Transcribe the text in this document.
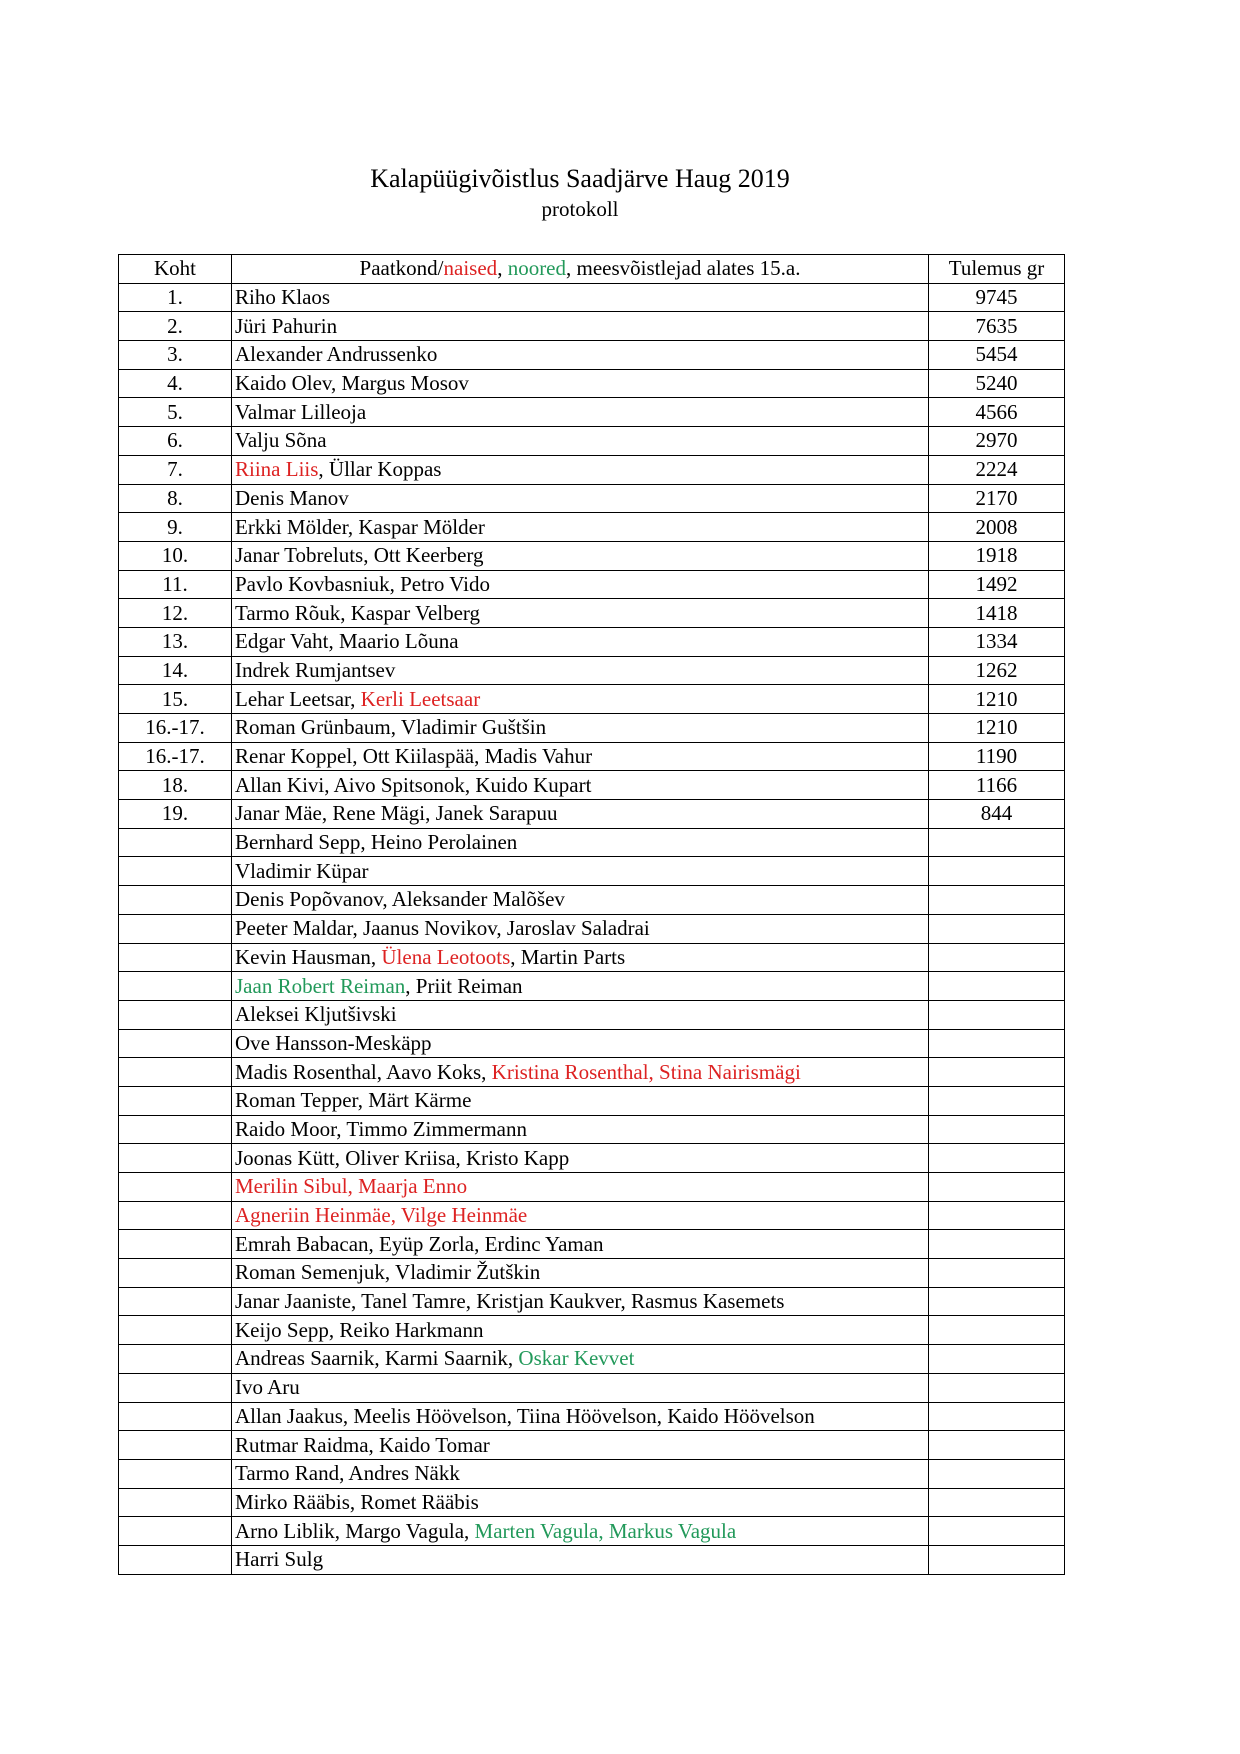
Kalapüügivõistlus Saadjärve Haug 2019
protokoll
Koht	Paatkond/naised, noored, meesvõistlejad alates 15.a.	Tulemus gr
1.	Riho Klaos	9745
2.	Jüri Pahurin	7635
3.	Alexander Andrussenko	5454
4.	Kaido Olev, Margus Mosov	5240
5.	Valmar Lilleoja	4566
6.	Valju Sõna	2970
7.	Riina Liis, Üllar Koppas	2224
8.	Denis Manov	2170
9.	Erkki Mölder, Kaspar Mölder	2008
10.	Janar Tobreluts, Ott Keerberg	1918
11.	Pavlo Kovbasniuk, Petro Vido	1492
12.	Tarmo Rõuk, Kaspar Velberg	1418
13.	Edgar Vaht, Maario Lõuna	1334
14.	Indrek Rumjantsev	1262
15.	Lehar Leetsar, Kerli Leetsaar	1210
16.-17.	Roman Grünbaum, Vladimir Guštšin	1210
16.-17.	Renar Koppel, Ott Kiilaspää, Madis Vahur	1190
18.	Allan Kivi, Aivo Spitsonok, Kuido Kupart	1166
19.	Janar Mäe, Rene Mägi, Janek Sarapuu	844
	Bernhard Sepp, Heino Perolainen	
	Vladimir Küpar	
	Denis Popõvanov, Aleksander Malõšev	
	Peeter Maldar, Jaanus Novikov, Jaroslav Saladrai	
	Kevin Hausman, Ülena Leotoots, Martin Parts	
	Jaan Robert Reiman, Priit Reiman	
	Aleksei Kljutšivski	
	Ove Hansson-Meskäpp	
	Madis Rosenthal, Aavo Koks, Kristina Rosenthal, Stina Nairismägi	
	Roman Tepper, Märt Kärme	
	Raido Moor, Timmo Zimmermann	
	Joonas Kütt, Oliver Kriisa, Kristo Kapp	
	Merilin Sibul, Maarja Enno	
	Agneriin Heinmäe, Vilge Heinmäe	
	Emrah Babacan, Eyüp Zorla, Erdinc Yaman	
	Roman Semenjuk, Vladimir Žutškin	
	Janar Jaaniste, Tanel Tamre, Kristjan Kaukver, Rasmus Kasemets	
	Keijo Sepp, Reiko Harkmann	
	Andreas Saarnik, Karmi Saarnik, Oskar Kevvet	
	Ivo Aru	
	Allan Jaakus, Meelis Höövelson, Tiina Höövelson, Kaido Höövelson	
	Rutmar Raidma, Kaido Tomar	
	Tarmo Rand, Andres Näkk	
	Mirko Rääbis, Romet Rääbis	
	Arno Liblik, Margo Vagula, Marten Vagula, Markus Vagula	
	Harri Sulg	
